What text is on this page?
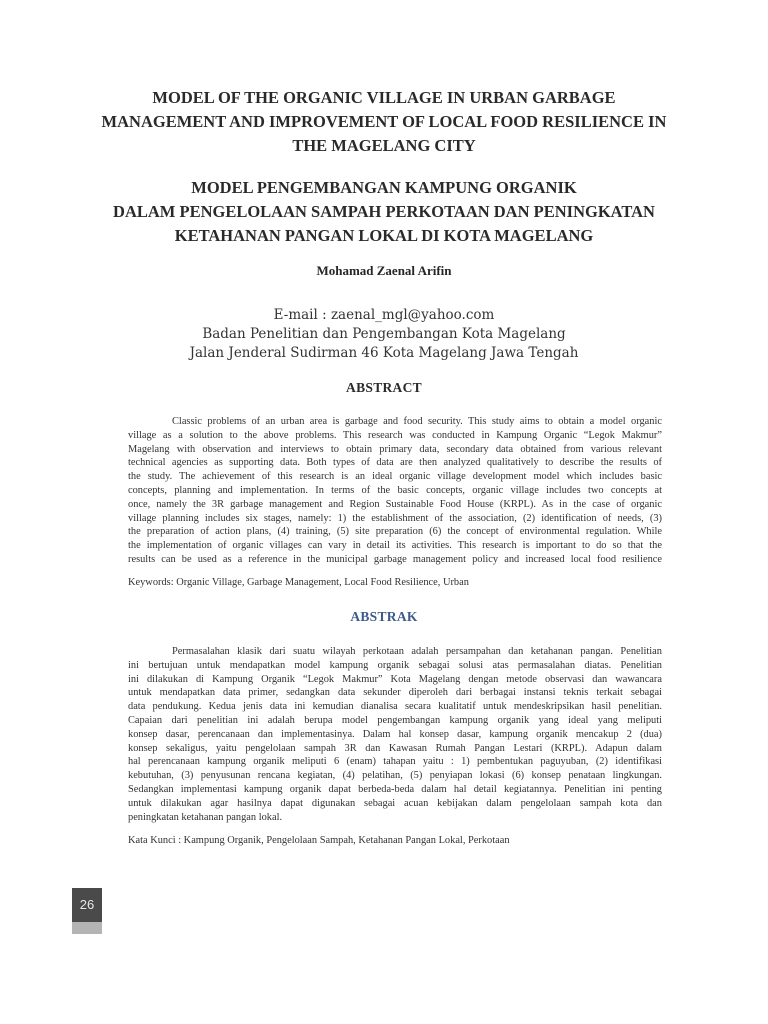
MODEL OF THE ORGANIC VILLAGE IN URBAN GARBAGE
MANAGEMENT AND IMPROVEMENT OF LOCAL FOOD RESILIENCE IN
THE MAGELANG CITY
MODEL PENGEMBANGAN KAMPUNG ORGANIK
DALAM PENGELOLAAN SAMPAH PERKOTAAN DAN PENINGKATAN
KETAHANAN PANGAN LOKAL DI KOTA MAGELANG
Mohamad Zaenal Arifin
E-mail : zaenal_mgl@yahoo.com
Badan Penelitian dan Pengembangan Kota Magelang
Jalan Jenderal Sudirman 46 Kota Magelang Jawa Tengah
ABSTRACT
Classic problems of an urban area is garbage and food security. This study aims to obtain a model organic
village as a solution to the above problems. This research was conducted in Kampung Organic “Legok Makmur”
Magelang with observation and interviews to obtain primary data, secondary data obtained from various relevant
technical agencies as supporting data. Both types of data are then analyzed qualitatively to describe the results of
the study. The achievement of this research is an ideal organic village development model which includes basic
concepts, planning and implementation. In terms of the basic concepts, organic village includes two concepts at
once, namely the 3R garbage management and Region Sustainable Food House (KRPL). As in the case of organic
village planning includes six stages, namely: 1) the establishment of the association, (2) identification of needs, (3)
the preparation of action plans, (4) training, (5) site preparation (6) the concept of environmental regulation. While
the implementation of organic villages can vary in detail its activities. This research is important to do so that the
results can be used as a reference in the municipal garbage management policy and increased local food resilience
Keywords: Organic Village, Garbage Management, Local Food Resilience, Urban
ABSTRAK
Permasalahan klasik dari suatu wilayah perkotaan adalah persampahan dan ketahanan pangan. Penelitian
ini bertujuan untuk mendapatkan model kampung organik sebagai solusi atas permasalahan diatas. Penelitian
ini dilakukan di Kampung Organik “Legok Makmur” Kota Magelang dengan metode observasi dan wawancara
untuk mendapatkan data primer, sedangkan data sekunder diperoleh dari berbagai instansi teknis terkait sebagai
data pendukung. Kedua jenis data ini kemudian dianalisa secara kualitatif untuk mendeskripsikan hasil penelitian.
Capaian dari penelitian ini adalah berupa model pengembangan kampung organik yang ideal yang meliputi
konsep dasar, perencanaan dan implementasinya. Dalam hal konsep dasar, kampung organik mencakup 2 (dua)
konsep sekaligus, yaitu pengelolaan sampah 3R dan Kawasan Rumah Pangan Lestari (KRPL). Adapun dalam
hal perencanaan kampung organik meliputi 6 (enam) tahapan yaitu : 1) pembentukan paguyuban, (2) identifikasi
kebutuhan, (3) penyusunan rencana kegiatan, (4) pelatihan, (5) penyiapan lokasi (6) konsep penataan lingkungan.
Sedangkan implementasi kampung organik dapat berbeda-beda dalam hal detail kegiatannya. Penelitian ini penting
untuk dilakukan agar hasilnya dapat digunakan sebagai acuan kebijakan dalam pengelolaan sampah kota dan
peningkatan ketahanan pangan lokal.
Kata Kunci : Kampung Organik, Pengelolaan Sampah, Ketahanan Pangan Lokal, Perkotaan
26
